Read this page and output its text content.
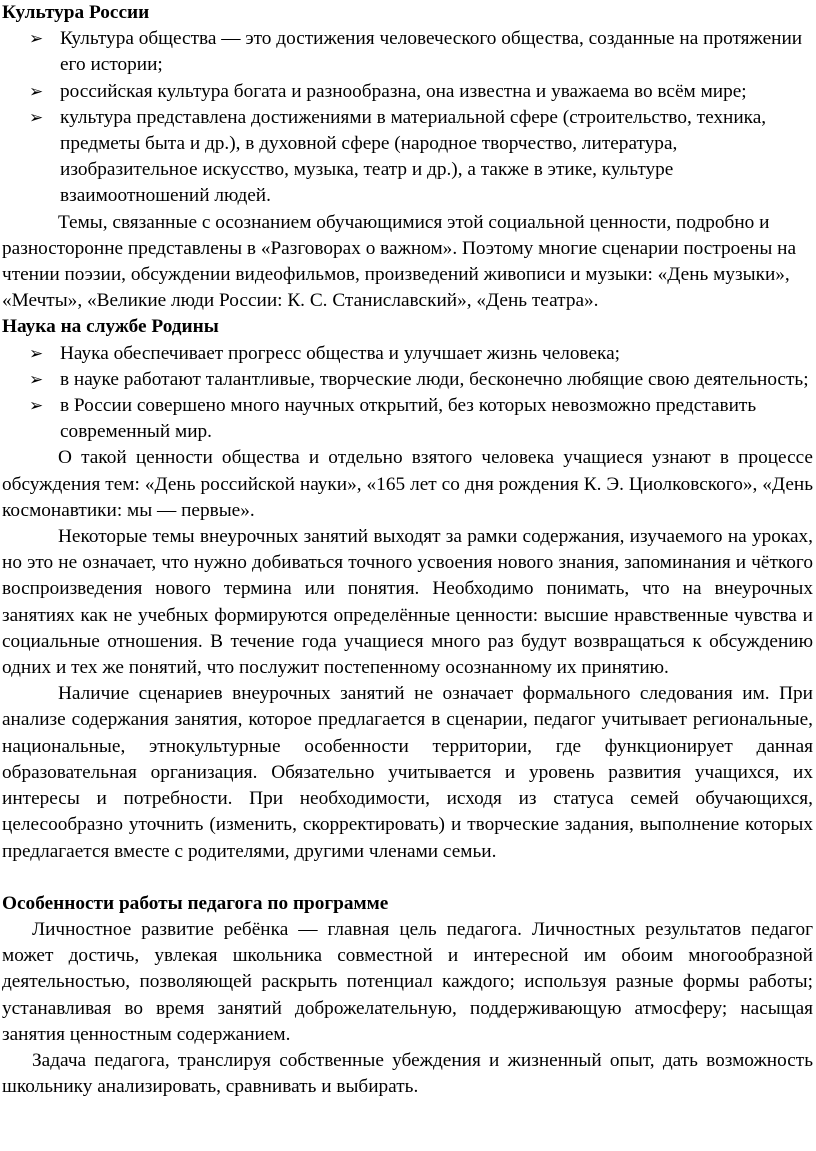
Культура России

➢ Культура общества — это достижения человеческого общества, созданные на протяжении его истории;
➢ российская культура богата и разнообразна, она известна и уважаема во всём мире;
➢ культура представлена достижениями в материальной сфере (строительство, техника, предметы быта и др.), в духовной сфере (народное творчество, литература, изобразительное искусство, музыка, театр и др.), а также в этике, культуре взаимоотношений людей.

Темы, связанные с осознанием обучающимися этой социальной ценности, подробно и разносторонне представлены в «Разговорах о важном». Поэтому многие сценарии построены на чтении поэзии, обсуждении видеофильмов, произведений живописи и музыки: «День музыки», «Мечты», «Великие люди России: К. С. Станиславский», «День театра».

Наука на службе Родины

➢ Наука обеспечивает прогресс общества и улучшает жизнь человека;
➢ в науке работают талантливые, творческие люди, бесконечно любящие свою деятельность;
➢ в России совершено много научных открытий, без которых невозможно представить современный мир.

О такой ценности общества и отдельно взятого человека учащиеся узнают в процессе обсуждения тем: «День российской науки», «165 лет со дня рождения К. Э. Циолковского», «День космонавтики: мы — первые».

Некоторые темы внеурочных занятий выходят за рамки содержания, изучаемого на уроках, но это не означает, что нужно добиваться точного усвоения нового знания, запоминания и чёткого воспроизведения нового термина или понятия. Необходимо понимать, что на внеурочных занятиях как не учебных формируются определённые ценности: высшие нравственные чувства и социальные отношения. В течение года учащиеся много раз будут возвращаться к обсуждению одних и тех же понятий, что послужит постепенному осознанному их принятию.

Наличие сценариев внеурочных занятий не означает формального следования им. При анализе содержания занятия, которое предлагается в сценарии, педагог учитывает региональные, национальные, этнокультурные особенности территории, где функционирует данная образовательная организация. Обязательно учитывается и уровень развития учащихся, их интересы и потребности. При необходимости, исходя из статуса семей обучающихся, целесообразно уточнить (изменить, скорректировать) и творческие задания, выполнение которых предлагается вместе с родителями, другими членами семьи.

Особенности работы педагога по программе

Личностное развитие ребёнка — главная цель педагога. Личностных результатов педагог может достичь, увлекая школьника совместной и интересной им обоим многообразной деятельностью, позволяющей раскрыть потенциал каждого; используя разные формы работы; устанавливая во время занятий доброжелательную, поддерживающую атмосферу; насыщая занятия ценностным содержанием.

Задача педагога, транслируя собственные убеждения и жизненный опыт, дать возможность школьнику анализировать, сравнивать и выбирать.
